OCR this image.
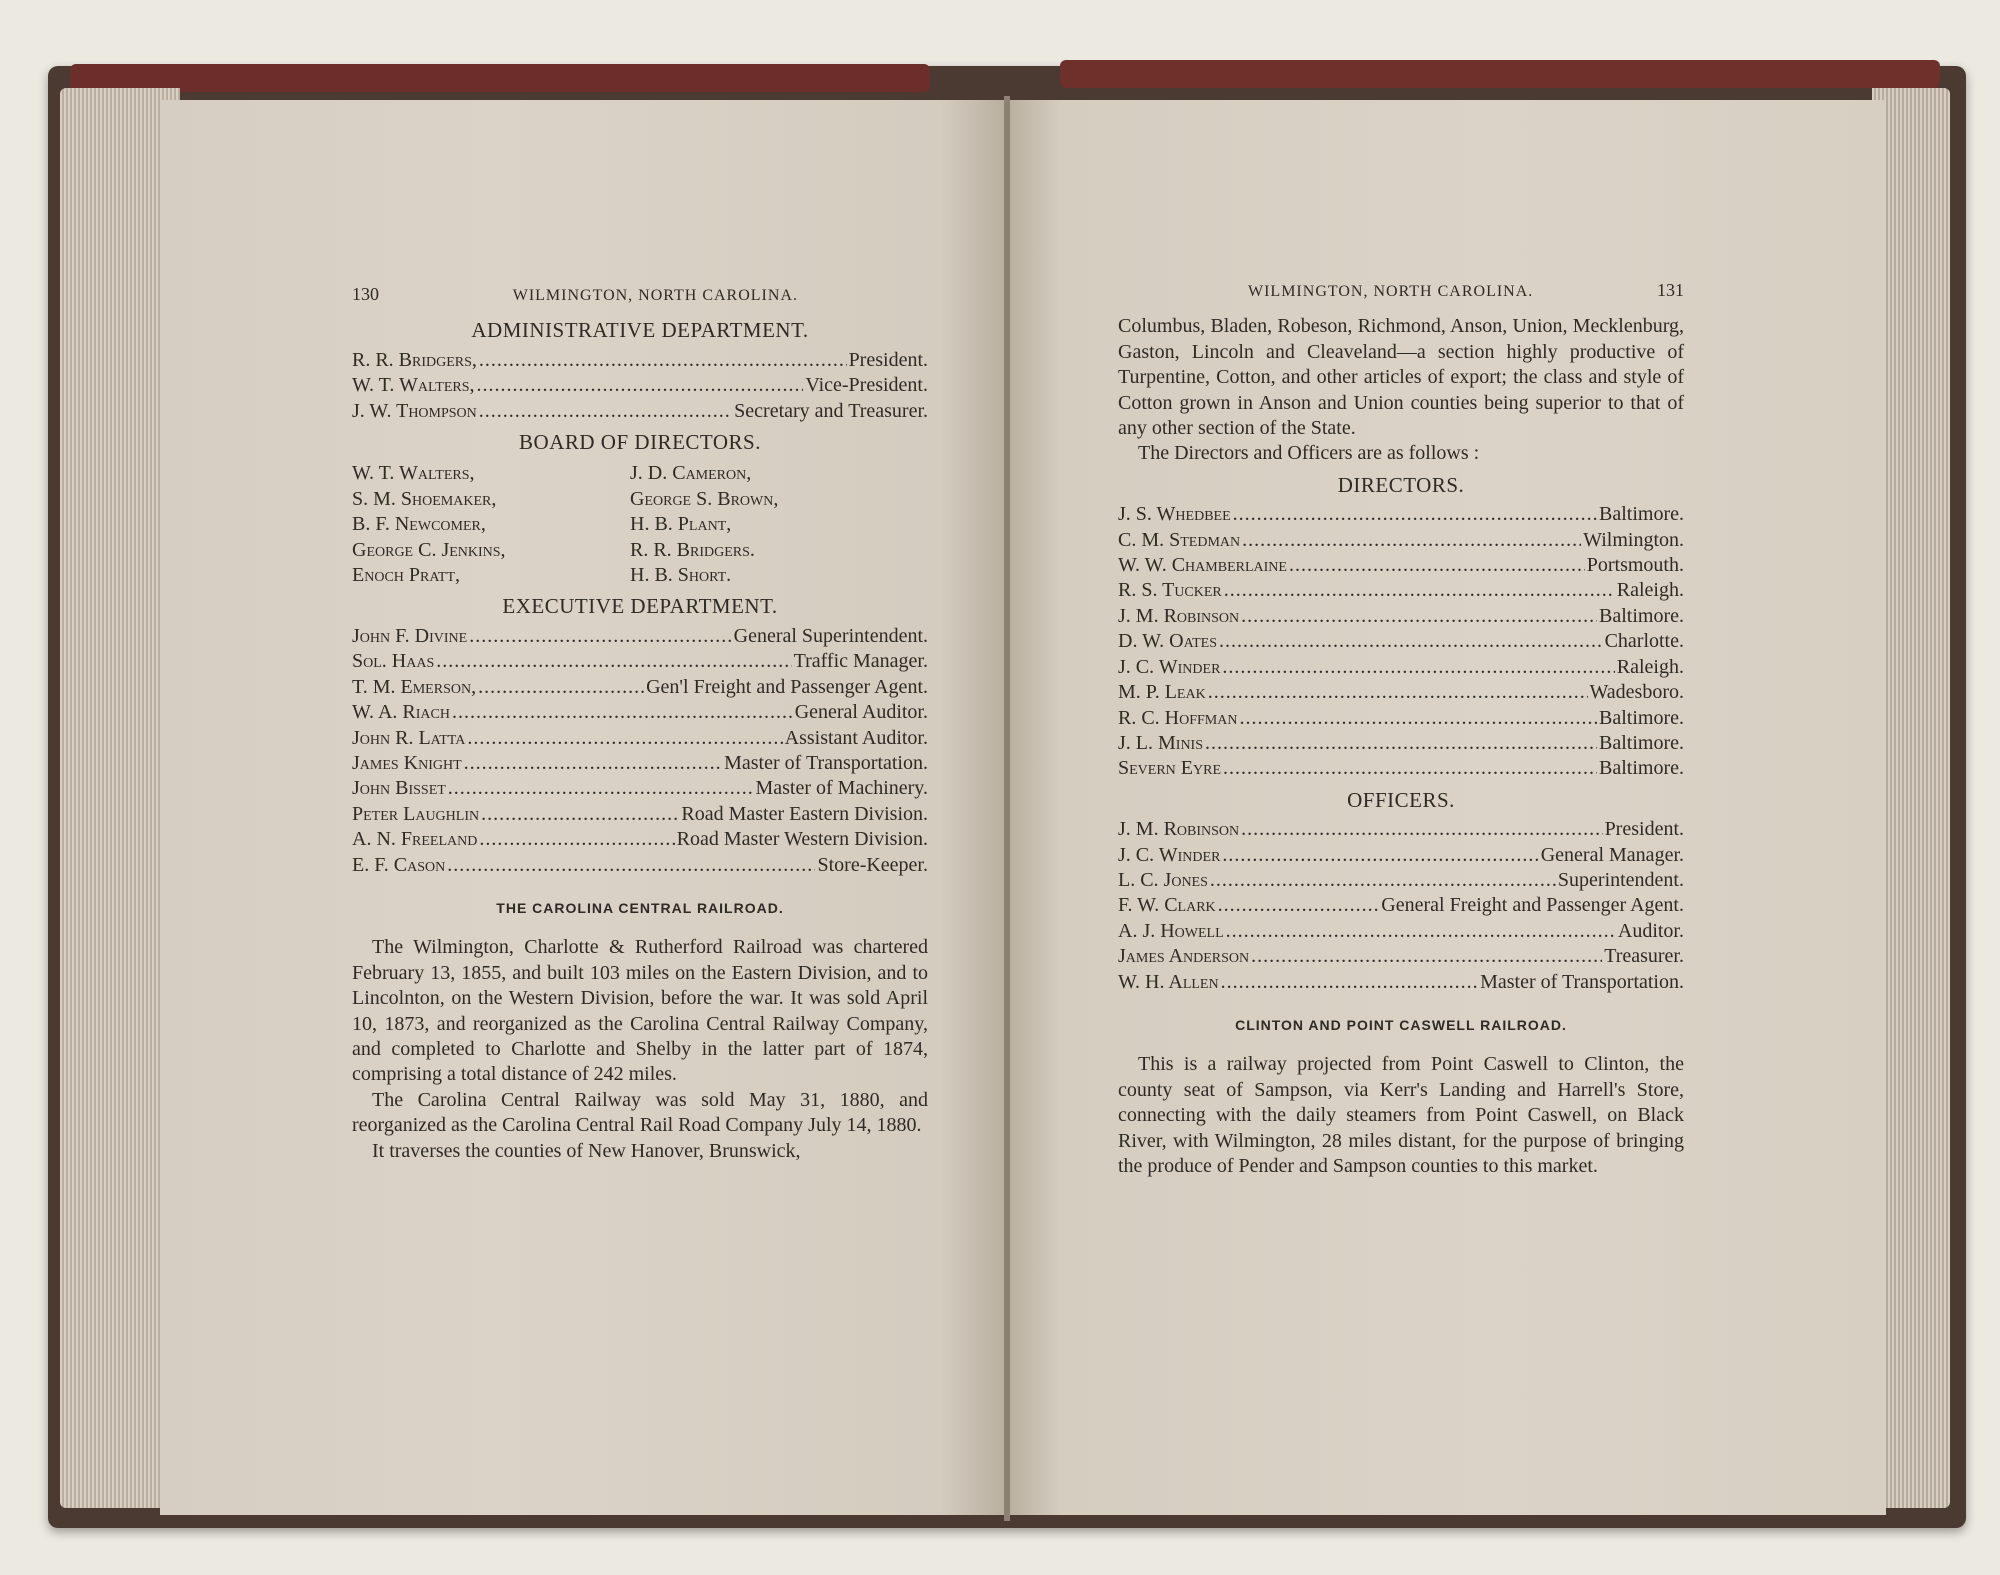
130	WILMINGTON, NORTH CAROLINA.
ADMINISTRATIVE DEPARTMENT.
R. R. Bridgers, .....	President.
W. T. Walters, .....	Vice-President.
J. W. Thompson .....	Secretary and Treasurer.
BOARD OF DIRECTORS.
W. T. Walters,	J. D. Cameron,
S. M. Shoemaker,	George S. Brown,
B. F. Newcomer,	H. B. Plant,
George C. Jenkins,	R. R. Bridgers.
Enoch Pratt,	H. B. Short.
EXECUTIVE DEPARTMENT.
John F. Divine .....	General Superintendent.
Sol. Haas .....	Traffic Manager.
T. M. Emerson, .....	Gen'l Freight and Passenger Agent.
W. A. Riach .....	General Auditor.
John R. Latta .....	Assistant Auditor.
James Knight .....	Master of Transportation.
John Bisset .....	Master of Machinery.
Peter Laughlin .....	Road Master Eastern Division.
A. N. Freeland .....	Road Master Western Division.
E. F. Cason .....	Store-Keeper.
THE CAROLINA CENTRAL RAILROAD.

The Wilmington, Charlotte & Rutherford Railroad was chartered February 13, 1855, and built 103 miles on the Eastern Division, and to Lincolnton, on the Western Division, before the war. It was sold April 10, 1873, and reorganized as the Carolina Central Railway Company, and completed to Charlotte and Shelby in the latter part of 1874, comprising a total distance of 242 miles.

The Carolina Central Railway was sold May 31, 1880, and reorganized as the Carolina Central Rail Road Company July 14, 1880.

It traverses the counties of New Hanover, Brunswick,

WILMINGTON, NORTH CAROLINA.	131

Columbus, Bladen, Robeson, Richmond, Anson, Union, Mecklenburg, Gaston, Lincoln and Cleaveland—a section highly productive of Turpentine, Cotton, and other articles of export; the class and style of Cotton grown in Anson and Union counties being superior to that of any other section of the State.

The Directors and Officers are as follows :

DIRECTORS.
J. S. Whedbee .....	Baltimore.
C. M. Stedman .....	Wilmington.
W. W. Chamberlaine .....	Portsmouth.
R. S. Tucker .....	Raleigh.
J. M. Robinson .....	Baltimore.
D. W. Oates .....	Charlotte.
J. C. Winder .....	Raleigh.
M. P. Leak .....	Wadesboro.
R. C. Hoffman .....	Baltimore.
J. L. Minis .....	Baltimore.
Severn Eyre .....	Baltimore.
OFFICERS.
J. M. Robinson .....	President.
J. C. Winder .....	General Manager.
L. C. Jones .....	Superintendent.
F. W. Clark .....	General Freight and Passenger Agent.
A. J. Howell .....	Auditor.
James Anderson .....	Treasurer.
W. H. Allen .....	Master of Transportation.
CLINTON AND POINT CASWELL RAILROAD.

This is a railway projected from Point Caswell to Clinton, the county seat of Sampson, via Kerr's Landing and Harrell's Store, connecting with the daily steamers from Point Caswell, on Black River, with Wilmington, 28 miles distant, for the purpose of bringing the produce of Pender and Sampson counties to this market.
